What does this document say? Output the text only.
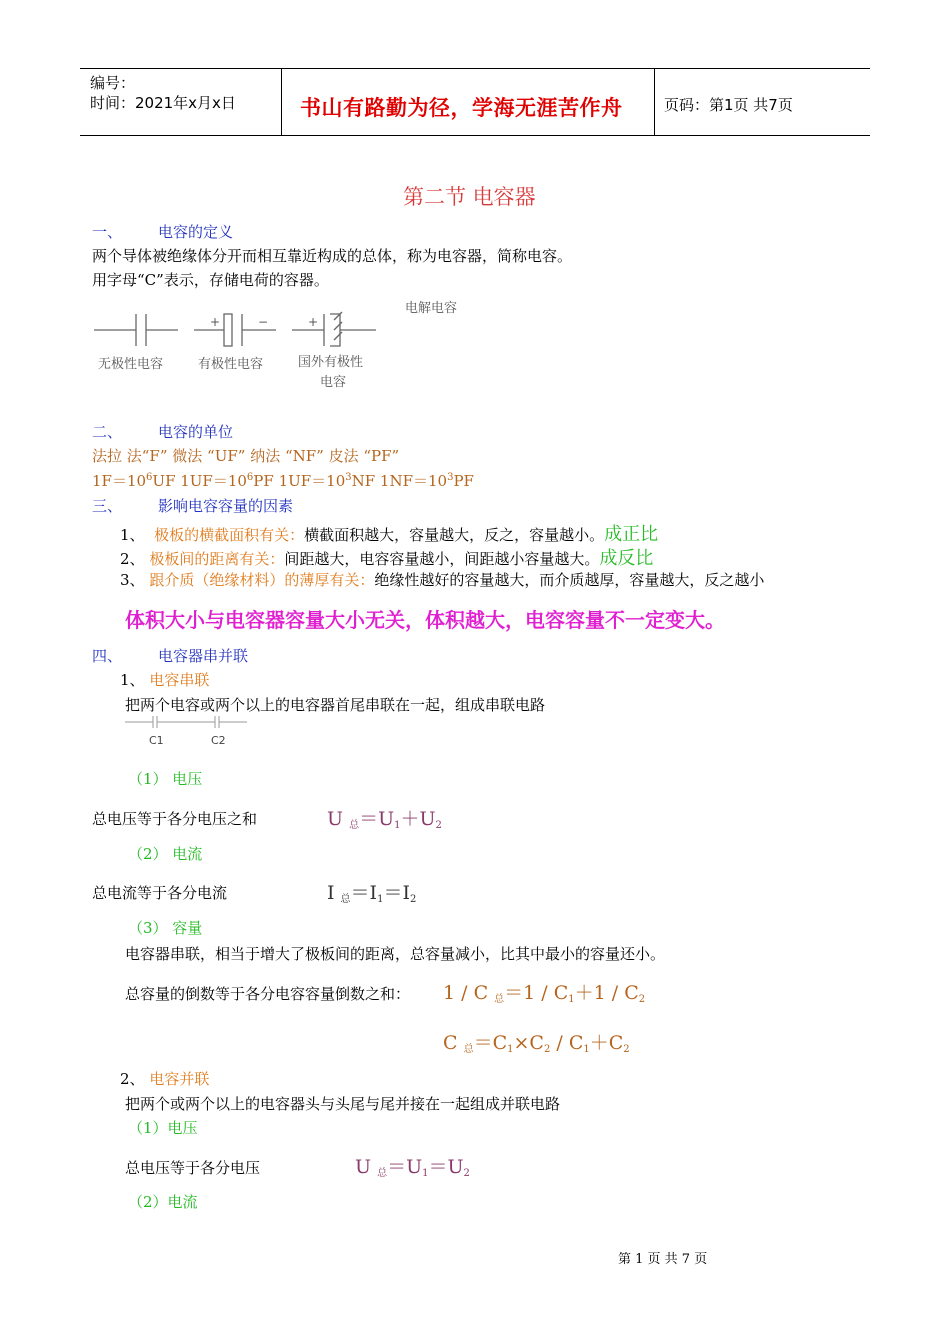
编号：
时间：2021年x月x日	书山有路勤为径，学海无涯苦作舟	页码：第1页 共7页
第二节 电容器
一、 电容的定义
两个导体被绝缘体分开而相互靠近构成的总体，称为电容器，简称电容。
用字母“C”表示，存储电荷的容器。
电解电容
无极性电容
+	−
有极性电容
+
国外有极性
电容
二、 电容的单位
法拉 法“F” 微法 “UF” 纳法 “NF” 皮法 “PF”
$1F=10^6UF$ $1UF=10^6PF$ $1UF=10^3NF$ $1NF=10^3PF$
三、 影响电容容量的因素
1、 极板的横截面积有关：横截面积越大，容量越大，反之，容量越小。成正比
2、 极板间的距离有关：间距越大，电容容量越小，间距越小容量越大。成反比
3、 跟介质（绝缘材料）的薄厚有关：绝缘性越好的容量越大，而介质越厚，容量越大，反之越小
体积大小与电容器容量大小无关，体积越大，电容容量不一定变大。
四、 电容器串并联
1、 电容串联
把两个电容或两个以上的电容器首尾串联在一起，组成串联电路
C1	C2
（1） 电压
总电压等于各分电压之和	U $_总=U_1+U_2$
（2） 电流
总电流等于各分电流	I $_总=I_1=I_2$
（3） 容量
电容器串联，相当于增大了极板间的距离，总容量减小，比其中最小的容量还小。
总容量的倒数等于各分电容容量倒数之和： 1 / C $_总=1 / C_1+1 / C_2$
C $_总=C_1\times C_2 / C_1+C_2$
2、 电容并联
把两个或两个以上的电容器头与头尾与尾并接在一起组成并联电路
（1）电压
总电压等于各分电压	U $_总=U_1=U_2$
（2）电流
第 1 页 共 7 页
